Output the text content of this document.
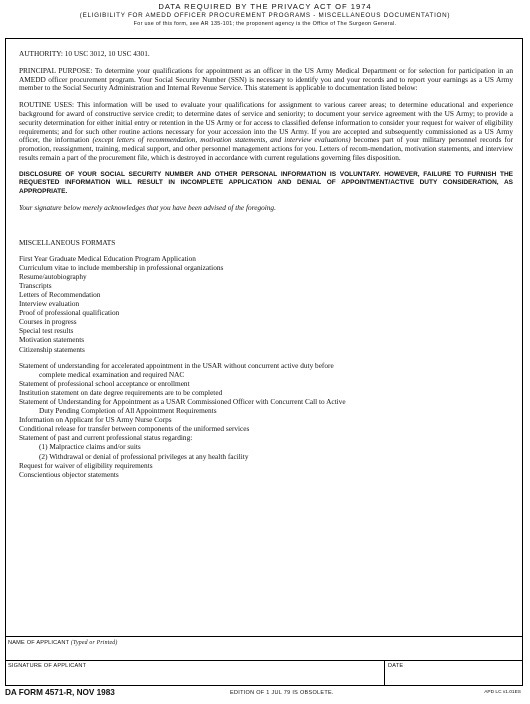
DATA REQUIRED BY THE PRIVACY ACT OF 1974
(ELIGIBILITY FOR AMEDD OFFICER PROCUREMENT PROGRAMS - MISCELLANEOUS DOCUMENTATION)
For use of this form, see AR 135-101; the proponent agency is the Office of The Surgeon General.

AUTHORITY: 10 USC 3012, 10 USC 4301.

PRINCIPAL PURPOSE: To determine your qualifications for appointment as an officer in the US Army Medical Department or for selection for participation in an AMEDD officer procurement program. Your Social Security Number (SSN) is necessary to identify you and your records and to report your earnings as a US Army member to the Social Security Administration and Internal Revenue Service. This statement is applicable to documentation listed below:

ROUTINE USES: This information will be used to evaluate your qualifications for assignment to various career areas; to determine educational and experience background for award of constructive service credit; to determine dates of service and seniority; to document your service agreement with the US Army; to provide a security determination for either initial entry or retention in the US Army or for access to classified defense information to consider your request for waiver of eligibility requirements; and for such other routine actions necessary for your accession into the US Army. If you are accepted and subsequently commissioned as a US Army officer, the information (except letters of recommendation, motivation statements, and interview evaluations) becomes part of your military personnel records for promotion, reassignment, training, medical support, and other personnel management actions for you. Letters of recom-mendation, motivation statements, and interview results remain a part of the procurement file, which is destroyed in accordance with current regulations governing files disposition.

DISCLOSURE OF YOUR SOCIAL SECURITY NUMBER AND OTHER PERSONAL INFORMATION IS VOLUNTARY. HOWEVER, FAILURE TO FURNISH THE REQUESTED INFORMATION WILL RESULT IN INCOMPLETE APPLICATION AND DENIAL OF APPOINTMENT/ACTIVE DUTY CONSIDERATION, AS APPROPRIATE.

Your signature below merely acknowledges that you have been advised of the foregoing.

MISCELLANEOUS FORMATS

First Year Graduate Medical Education Program Application
Curriculum vitae to include membership in professional organizations
Resume/autobiography
Transcripts
Letters of Recommendation
Interview evaluation
Proof of professional qualification
Courses in progress
Special test results
Motivation statements
Citizenship statements
Statement of understanding for accelerated appointment in the USAR without concurrent active duty before
complete medical examination and required NAC
Statement of professional school acceptance or enrollment
Institution statement on date degree requirements are to be completed
Statement of Understanding for Appointment as a USAR Commissioned Officer with Concurrent Call to Active
Duty Pending Completion of All Appointment Requirements
Information on Applicant for US Army Nurse Corps
Conditional release for transfer between components of the uniformed services
Statement of past and current professional status regarding:
(1) Malpractice claims and/or suits
(2) Withdrawal or denial of professional privileges at any health facility
Request for waiver of eligibility requirements
Conscientious objector statements
NAME OF APPLICANT (Typed or Printed)
SIGNATURE OF APPLICANT	DATE
DA FORM 4571-R, NOV 1983	EDITION OF 1 JUL 79 IS OBSOLETE.	APD LC v1.01ES
